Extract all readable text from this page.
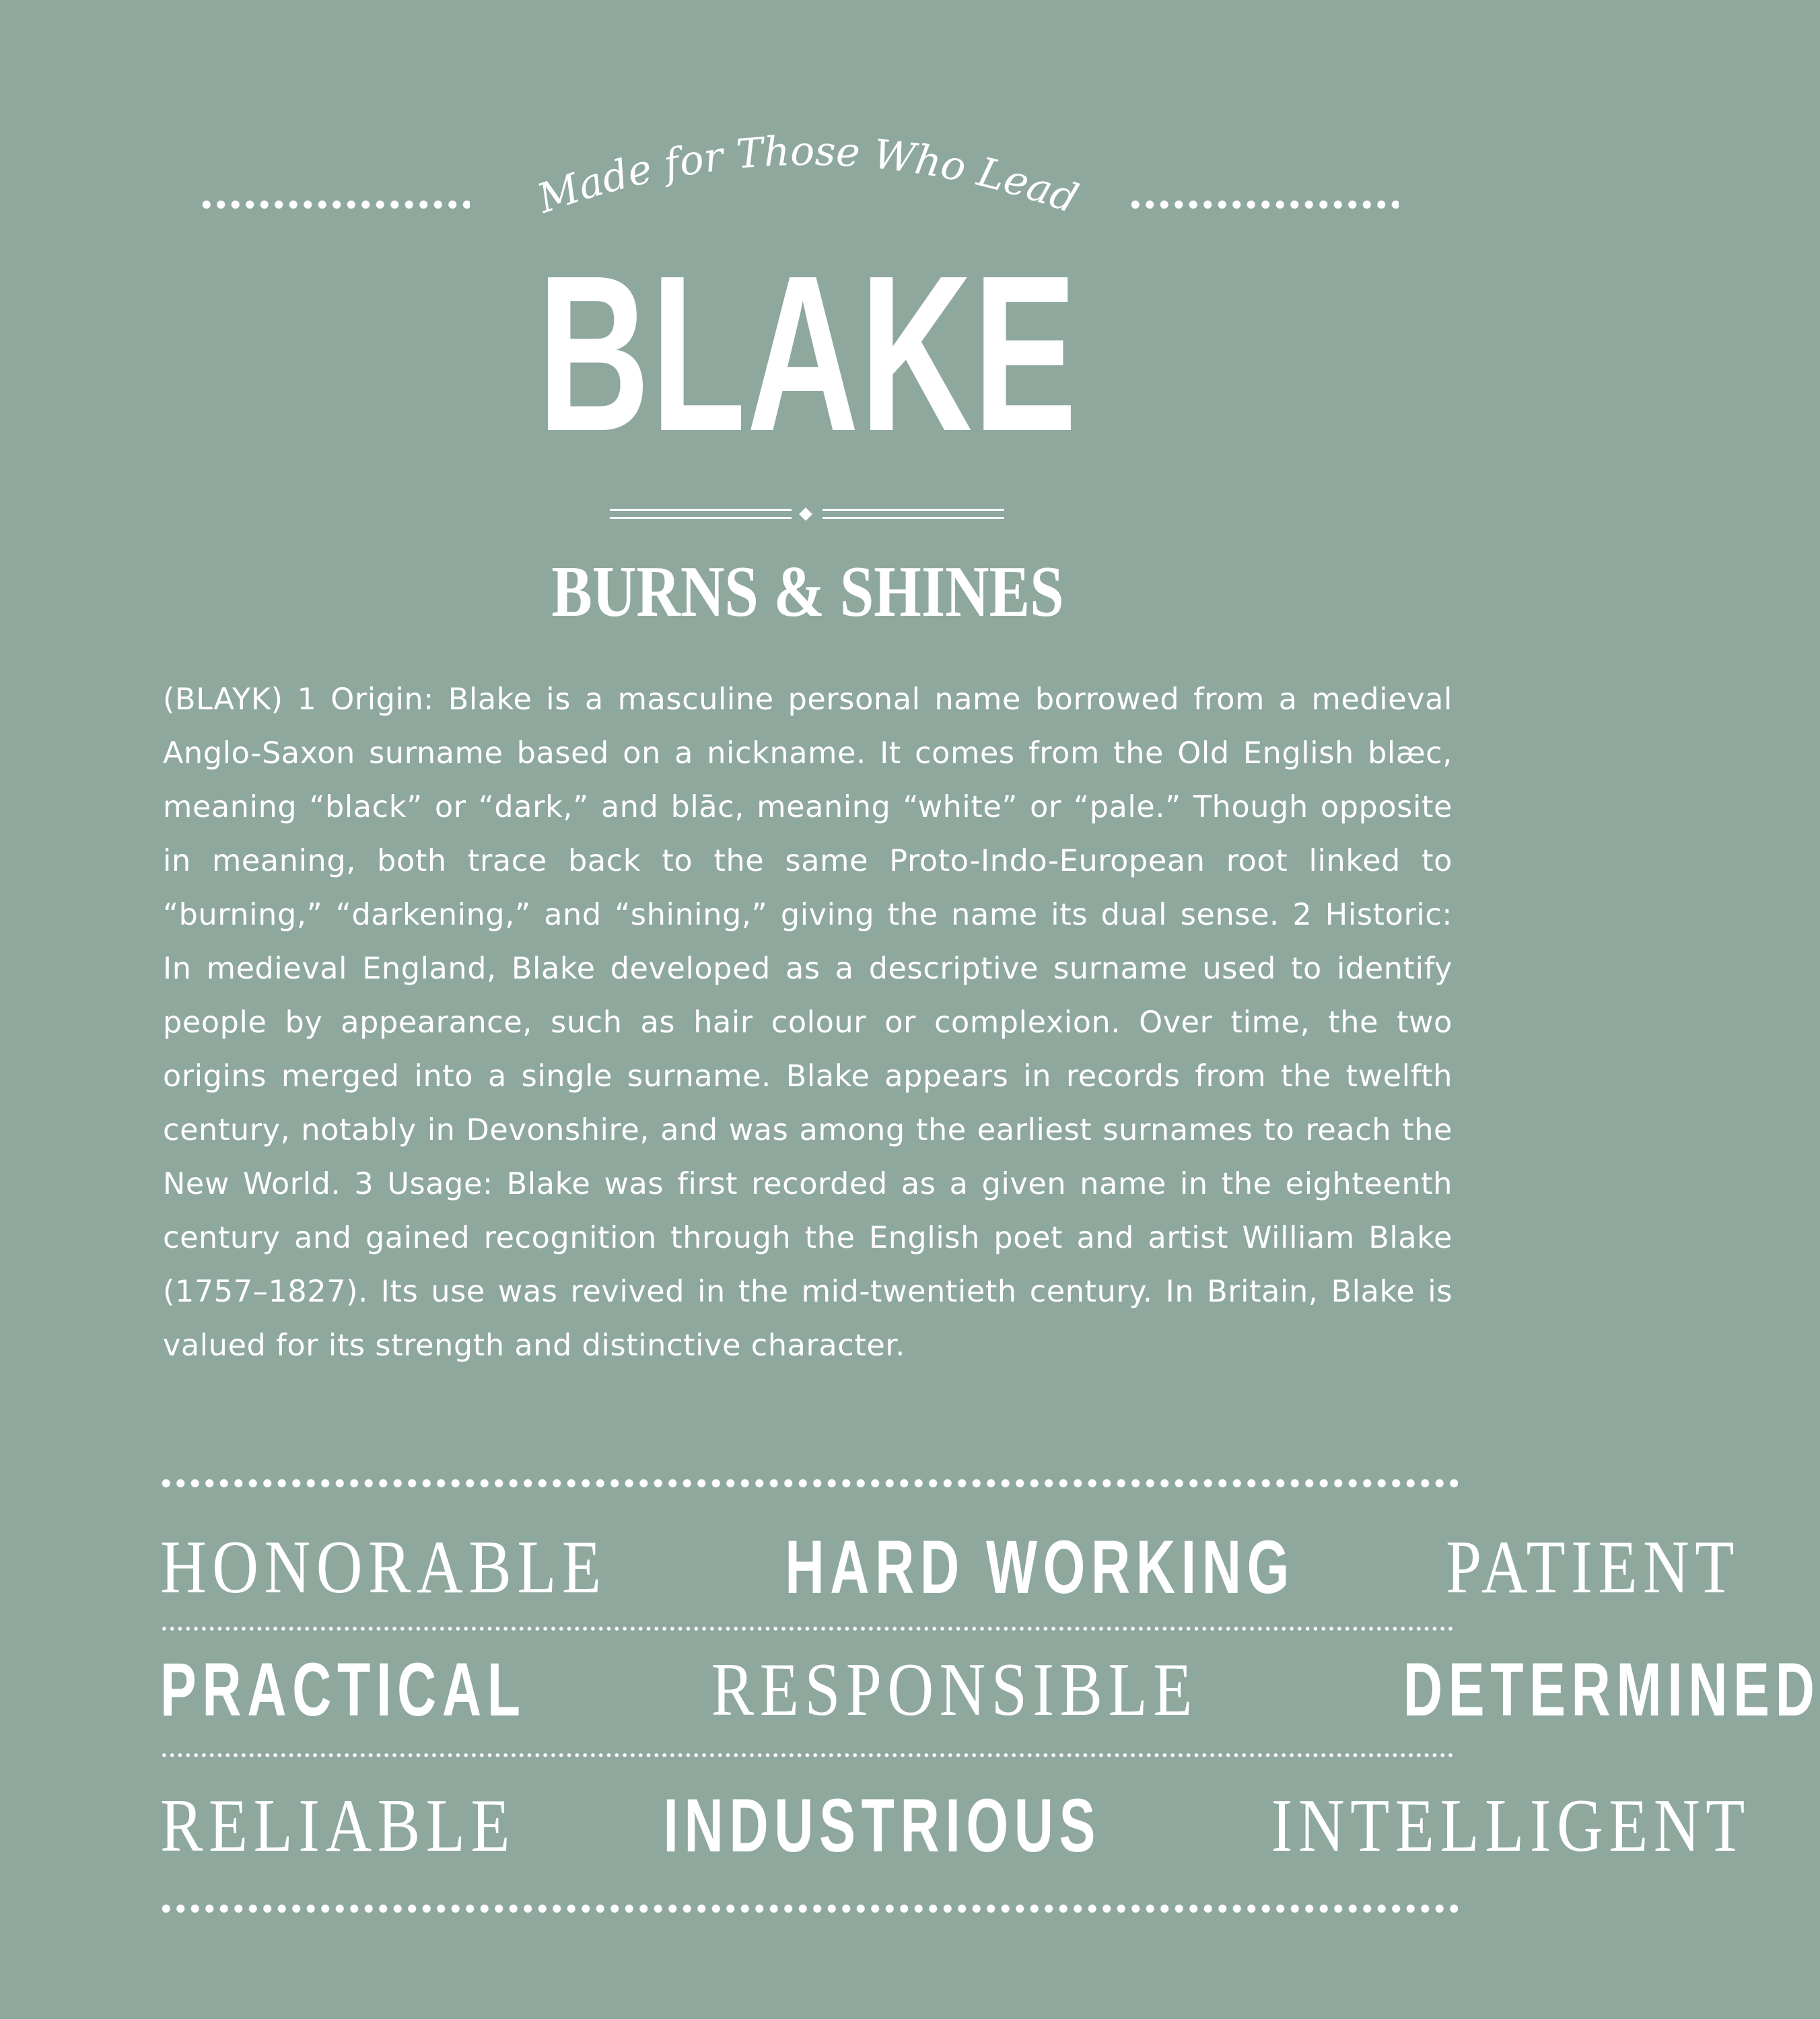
Made for Those Who Lead
BLAKE
BURNS & SHINES
(BLAYK) 1 Origin: Blake is a masculine personal name borrowed from a medieval Anglo-Saxon surname based on a nickname. It comes from the Old English blæc, meaning “black” or “dark,” and blāc, meaning “white” or “pale.” Though opposite in meaning, both trace back to the same Proto-Indo-European root linked to “burning,” “darkening,” and “shining,” giving the name its dual sense. 2 Historic: In medieval England, Blake developed as a descriptive surname used to identify people by appearance, such as hair colour or complexion. Over time, the two origins merged into a single surname. Blake appears in records from the twelfth century, notably in Devonshire, and was among the earliest surnames to reach the New World. 3 Usage: Blake was first recorded as a given name in the eighteenth century and gained recognition through the English poet and artist William Blake (1757–1827). Its use was revived in the mid-twentieth century. In Britain, Blake is valued for its strength and distinctive character.
HONORABLE HARD WORKING PATIENT
PRACTICAL RESPONSIBLE	DETERMINED
RELIABLE INDUSTRIOUS INTELLIGENT
